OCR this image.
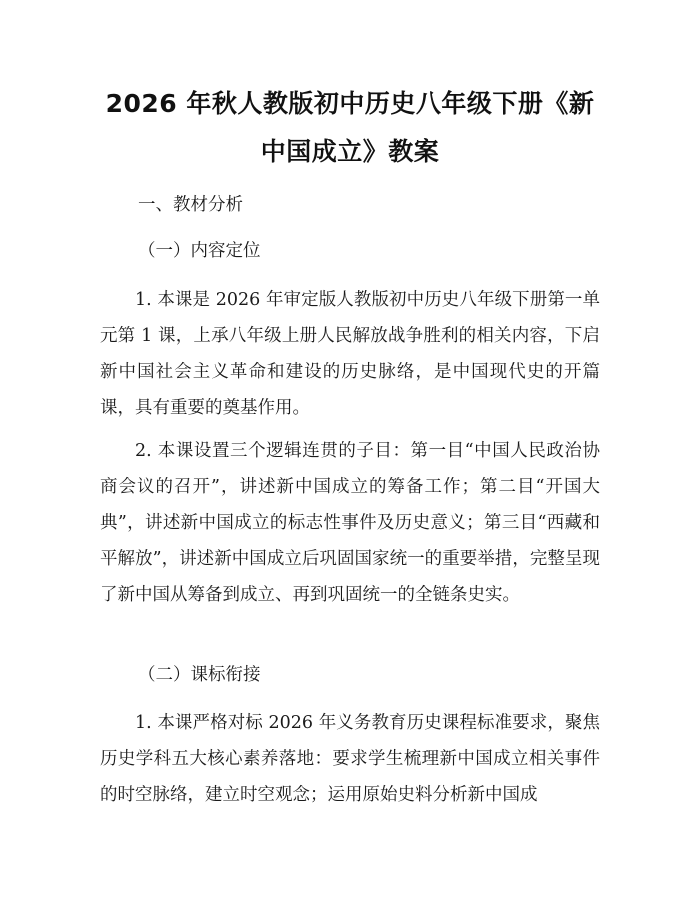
2026 年秋人教版初中历史八年级下册《新中国成立》教案
一、教材分析
（一）内容定位
1. 本课是 2026 年审定版人教版初中历史八年级下册第一单元第 1 课，上承八年级上册人民解放战争胜利的相关内容，下启新中国社会主义革命和建设的历史脉络，是中国现代史的开篇课，具有重要的奠基作用。
2. 本课设置三个逻辑连贯的子目：第一目“中国人民政治协商会议的召开”，讲述新中国成立的筹备工作；第二目“开国大典”，讲述新中国成立的标志性事件及历史意义；第三目“西藏和平解放”，讲述新中国成立后巩固国家统一的重要举措，完整呈现了新中国从筹备到成立、再到巩固统一的全链条史实。
（二）课标衔接
1. 本课严格对标 2026 年义务教育历史课程标准要求，聚焦历史学科五大核心素养落地：要求学生梳理新中国成立相关事件的时空脉络，建立时空观念；运用原始史料分析新中国成
